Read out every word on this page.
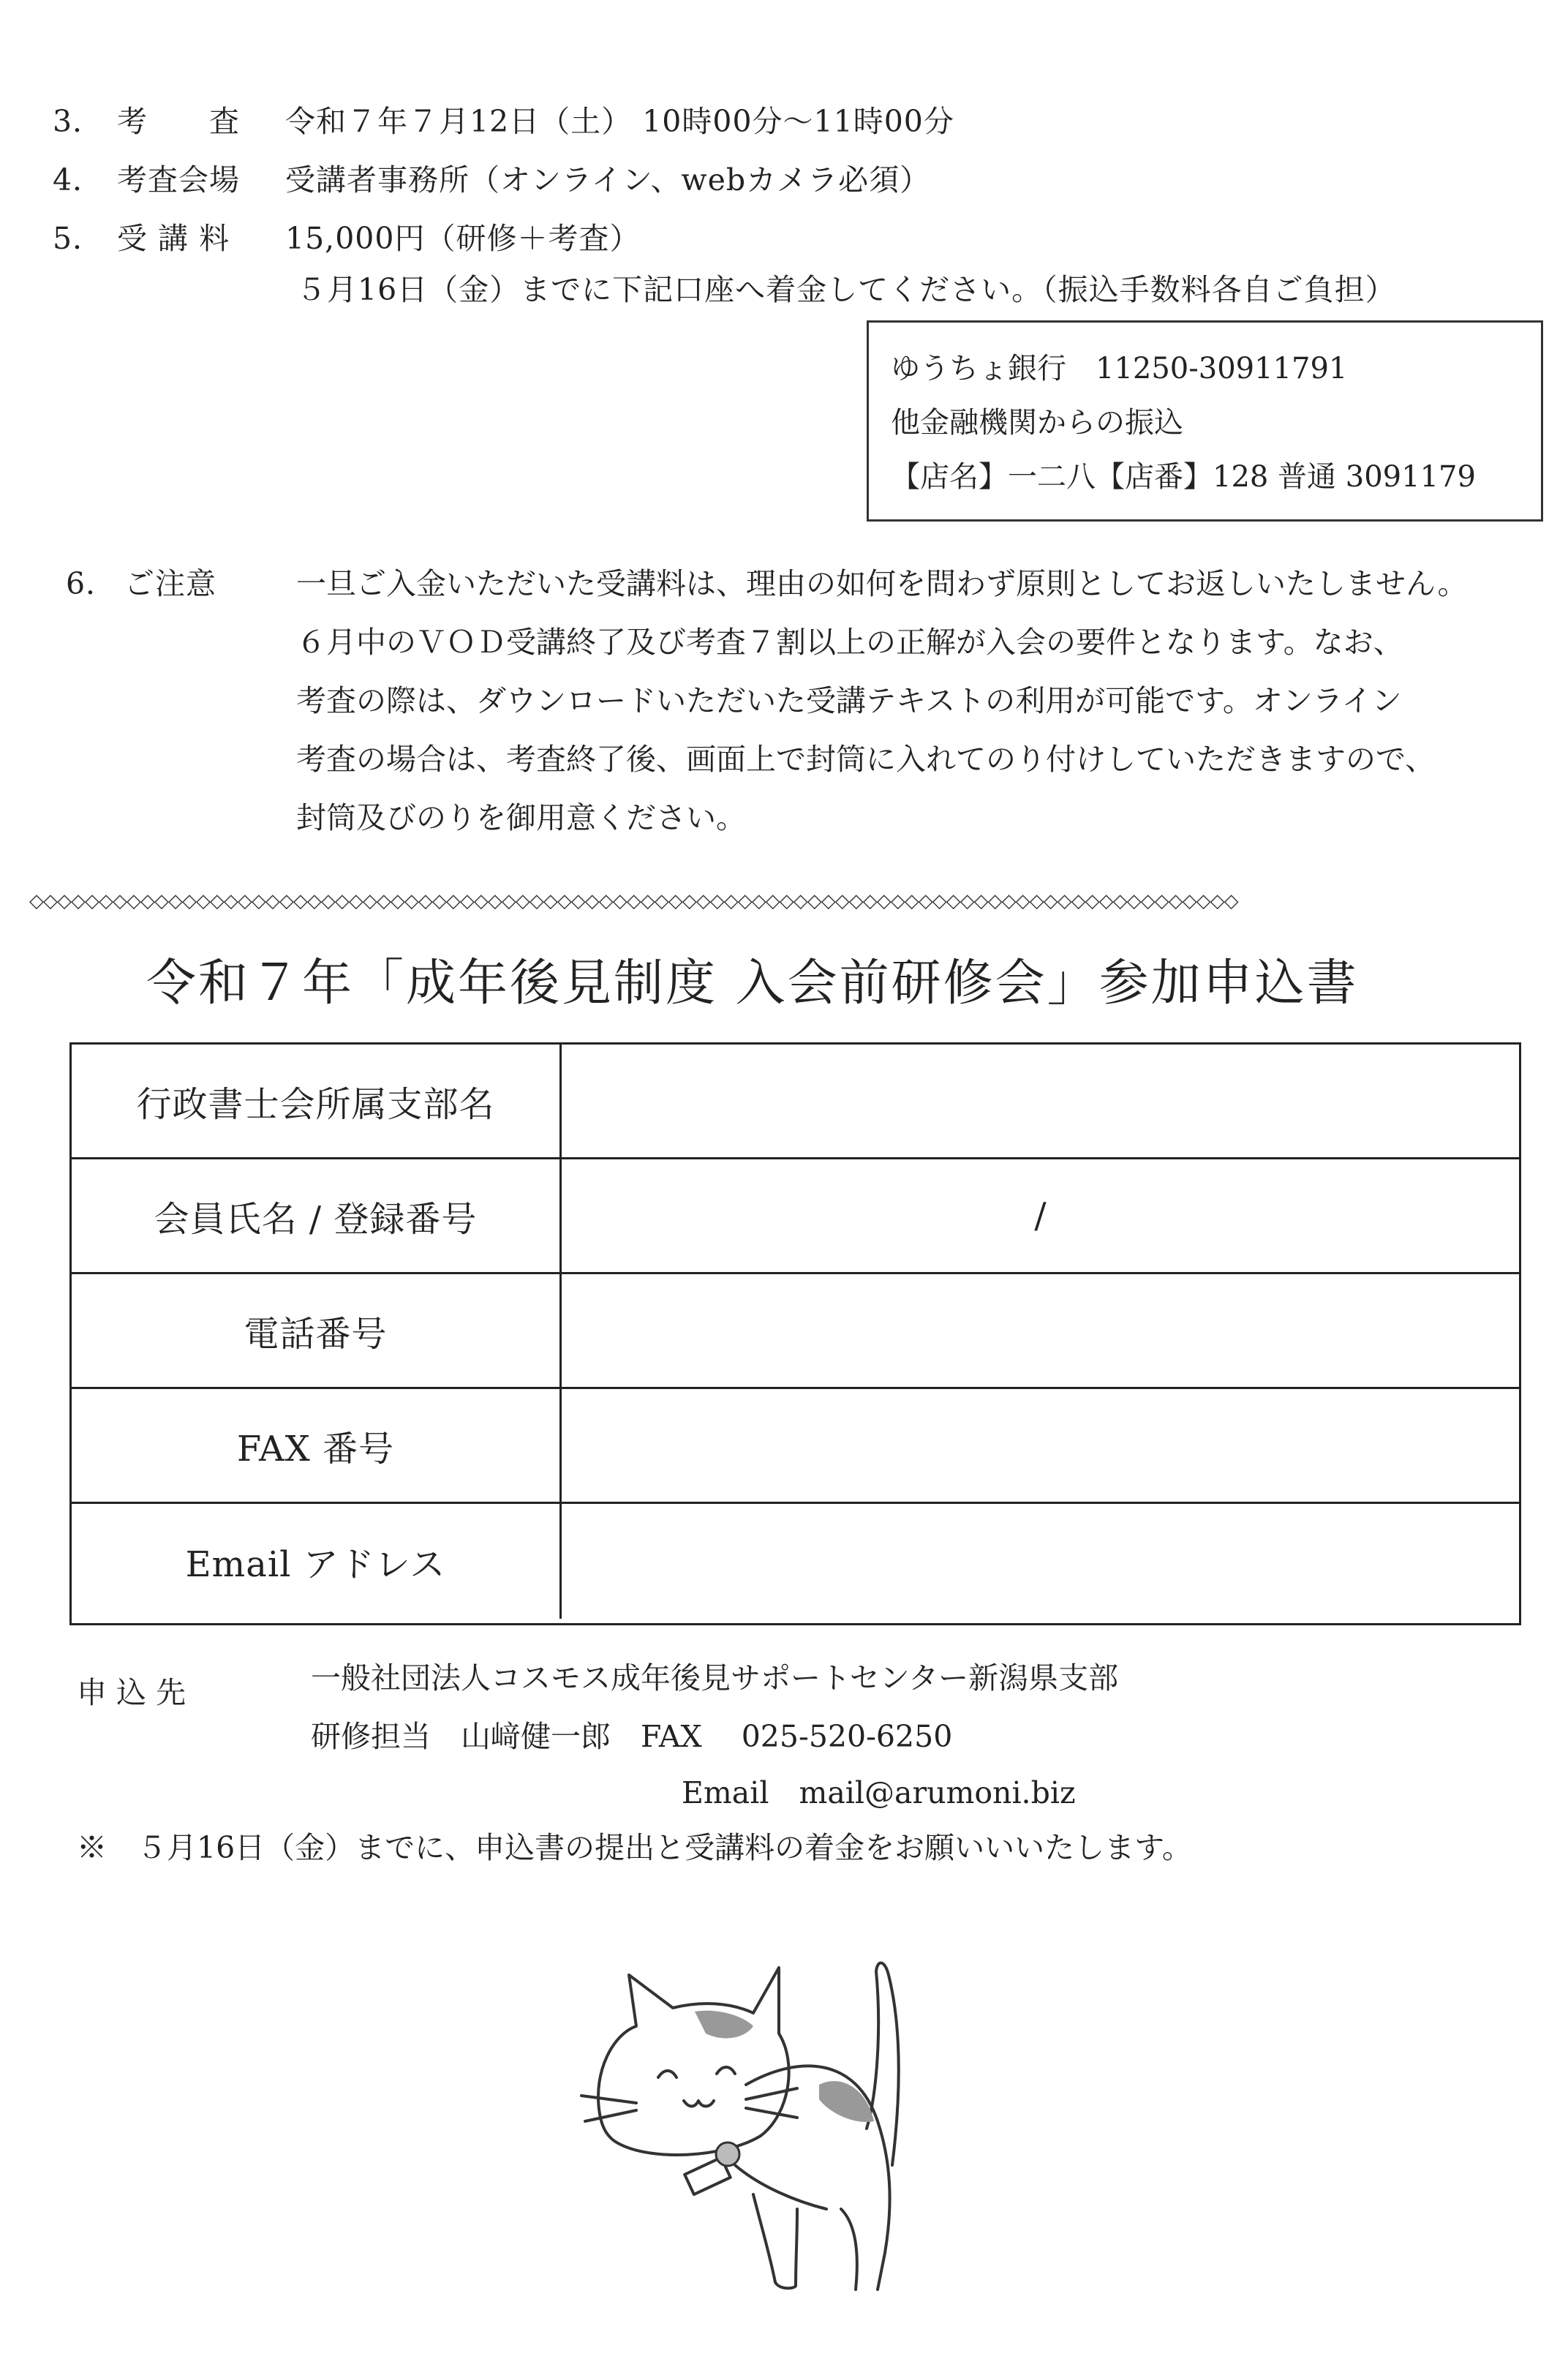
3． 考　　査 令和７年７月12日（土） 10時00分～11時00分
4． 考査会場 受講者事務所（オンライン、webカメラ必須）
5． 受 講 料 15,000円（研修＋考査）
５月16日（金）までに下記口座へ着金してください。（振込手数料各自ご負担）
ゆうちょ銀行　11250-30911791
他金融機関からの振込
【店名】一二八【店番】128 普通 3091179
6． ご注意	一旦ご入金いただいた受講料は、理由の如何を問わず原則としてお返しいたしません。
６月中のＶＯＤ受講終了及び考査７割以上の正解が入会の要件となります。なお、
考査の際は、ダウンロードいただいた受講テキストの利用が可能です。オンライン
考査の場合は、考査終了後、画面上で封筒に入れてのり付けしていただきますので、
封筒及びのりを御用意ください。
◇◇◇◇◇◇◇◇◇◇◇◇◇◇◇◇◇◇◇◇◇◇◇◇◇◇◇◇◇◇◇◇◇◇◇◇◇◇◇◇◇◇◇◇◇◇◇◇◇◇◇◇◇◇◇◇◇◇◇◇◇◇◇◇◇◇◇◇◇◇◇◇◇◇◇◇◇◇◇◇◇◇◇◇◇◇◇
令和７年「成年後見制度 入会前研修会」参加申込書
行政書士会所属支部名
会員氏名 / 登録番号	/
電話番号
FAX 番号
Email アドレス
申 込 先	一般社団法人コスモス成年後見サポートセンター新潟県支部
研修担当　山﨑健一郎　FAX　 025-520-6250
Email　mail@arumoni.biz
※　５月16日（金）までに、申込書の提出と受講料の着金をお願いいいたします。
